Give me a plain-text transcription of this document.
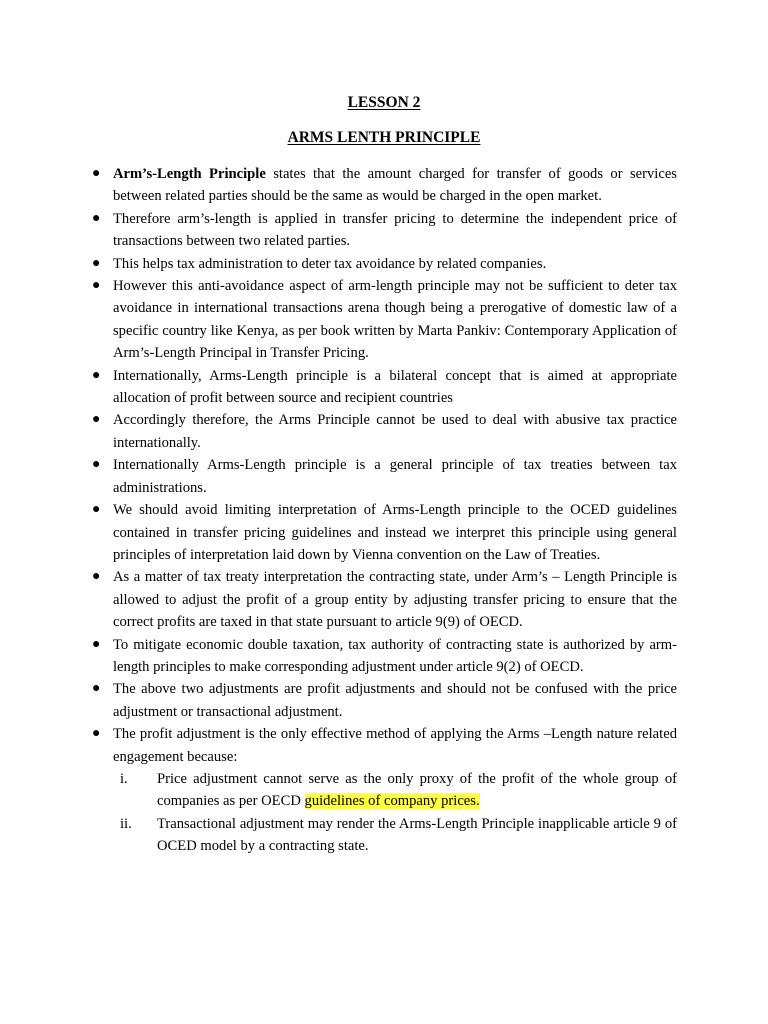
LESSON 2
ARMS LENTH PRINCIPLE
● Arm’s-Length Principle states that the amount charged for transfer of goods or services between related parties should be the same as would be charged in the open market.
● Therefore arm’s-length is applied in transfer pricing to determine the independent price of transactions between two related parties.
● This helps tax administration to deter tax avoidance by related companies.
● However this anti-avoidance aspect of arm-length principle may not be sufficient to deter tax avoidance in international transactions arena though being a prerogative of domestic law of a specific country like Kenya, as per book written by Marta Pankiv: Contemporary Application of Arm’s-Length Principal in Transfer Pricing.
● Internationally, Arms-Length principle is a bilateral concept that is aimed at appropriate allocation of profit between source and recipient countries
● Accordingly therefore, the Arms Principle cannot be used to deal with abusive tax practice internationally.
● Internationally Arms-Length principle is a general principle of tax treaties between tax administrations.
● We should avoid limiting interpretation of Arms-Length principle to the OCED guidelines contained in transfer pricing guidelines and instead we interpret this principle using general principles of interpretation laid down by Vienna convention on the Law of Treaties.
● As a matter of tax treaty interpretation the contracting state, under Arm’s – Length Principle is allowed to adjust the profit of a group entity by adjusting transfer pricing to ensure that the correct profits are taxed in that state pursuant to article 9(9) of OECD.
● To mitigate economic double taxation, tax authority of contracting state is authorized by arm-length principles to make corresponding adjustment under article 9(2) of OECD.
● The above two adjustments are profit adjustments and should not be confused with the price adjustment or transactional adjustment.
● The profit adjustment is the only effective method of applying the Arms –Length nature related engagement because:
i.	Price adjustment cannot serve as the only proxy of the profit of the whole group of companies as per OECD guidelines of company prices.
ii.	Transactional adjustment may render the Arms-Length Principle inapplicable article 9 of OCED model by a contracting state.
